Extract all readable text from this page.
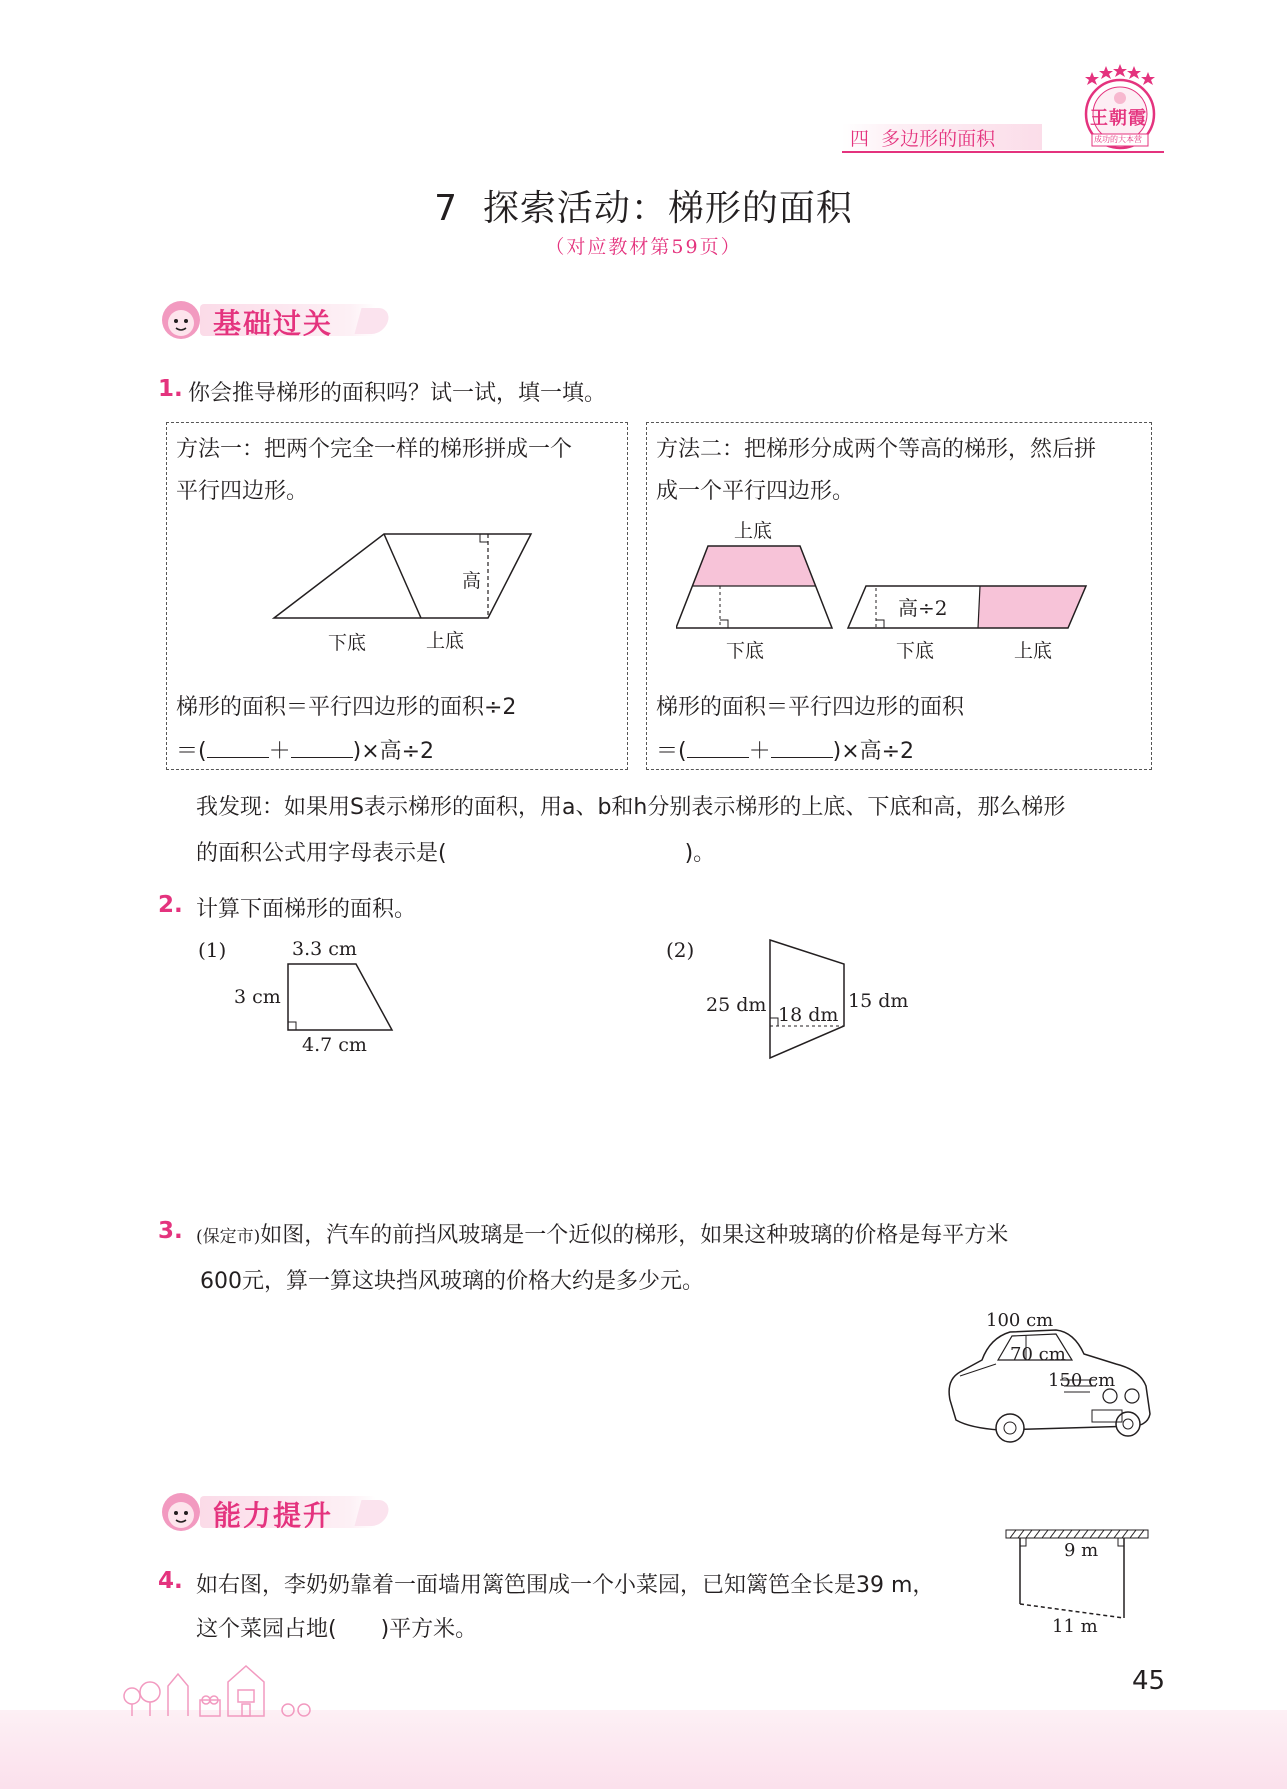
四  多边形的面积
王朝霞
成功的大本营
7  探索活动：梯形的面积
（对应教材第59页）
基础过关
1. 你会推导梯形的面积吗？试一试，填一填。
方法一：把两个完全一样的梯形拼成一个
平行四边形。
高
下底	上底
梯形的面积＝平行四边形的面积÷2
＝(	＋	)×高÷2
方法二：把梯形分成两个等高的梯形，然后拼
成一个平行四边形。
上底
下底
高÷2
下底	上底
梯形的面积＝平行四边形的面积
＝(	＋	)×高÷2
我发现：如果用S表示梯形的面积，用a、b和h分别表示梯形的上底、下底和高，那么梯形
的面积公式用字母表示是(	)。
2. 计算下面梯形的面积。
(1)	3.3 cm
3 cm
4.7 cm
(2)
25 dm 18 dm
15 dm
3. (保定市)如图，汽车的前挡风玻璃是一个近似的梯形，如果这种玻璃的价格是每平方米
600元，算一算这块挡风玻璃的价格大约是多少元。
100 cm
70 cm
150 cm
能力提升
4. 如右图，李奶奶靠着一面墙用篱笆围成一个小菜园，已知篱笆全长是39 m，
这个菜园占地(　　)平方米。
9 m
11 m
45
